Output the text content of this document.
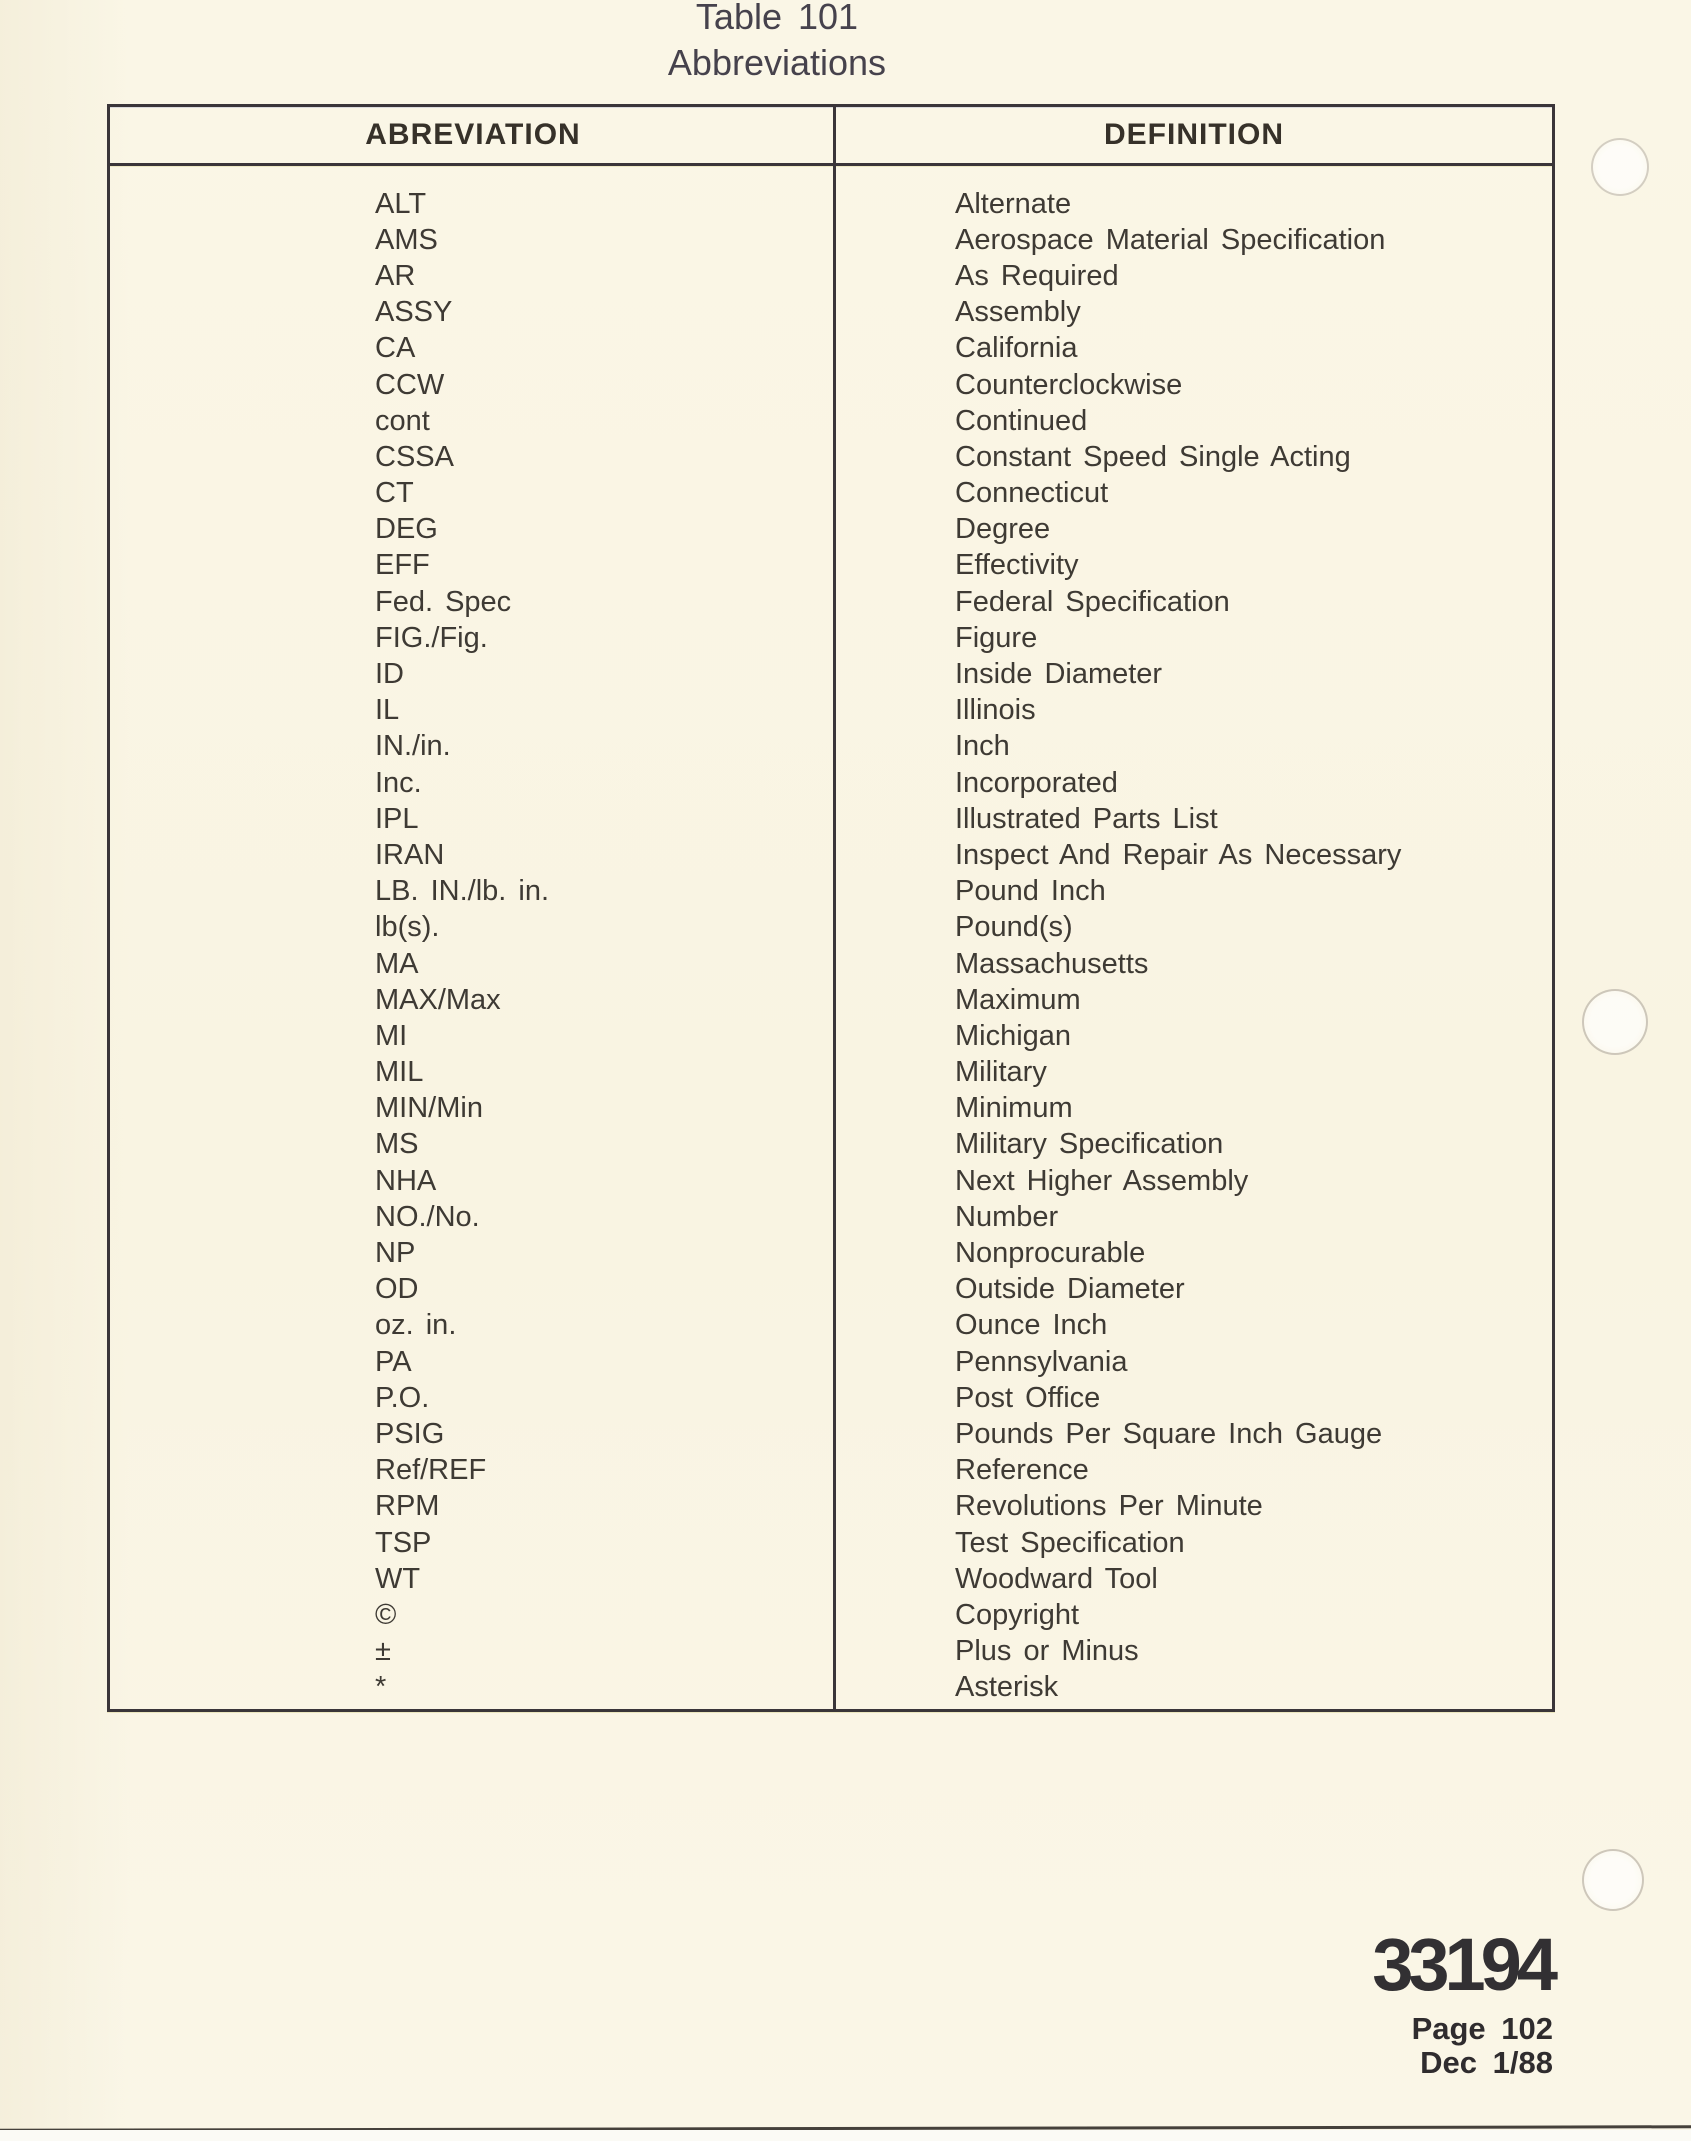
Table 101
Abbreviations
ABREVIATION	DEFINITION
ALT	Alternate
AMS	Aerospace Material Specification
AR	As Required
ASSY	Assembly
CA	California
CCW	Counterclockwise
cont	Continued
CSSA	Constant Speed Single Acting
CT	Connecticut
DEG	Degree
EFF	Effectivity
Fed. Spec	Federal Specification
FIG./Fig.	Figure
ID	Inside Diameter
IL	Illinois
IN./in.	Inch
Inc.	Incorporated
IPL	Illustrated Parts List
IRAN	Inspect And Repair As Necessary
LB. IN./lb. in.	Pound Inch
lb(s).	Pound(s)
MA	Massachusetts
MAX/Max	Maximum
MI	Michigan
MIL	Military
MIN/Min	Minimum
MS	Military Specification
NHA	Next Higher Assembly
NO./No.	Number
NP	Nonprocurable
OD	Outside Diameter
oz. in.	Ounce Inch
PA	Pennsylvania
P.O.	Post Office
PSIG	Pounds Per Square Inch Gauge
Ref/REF	Reference
RPM	Revolutions Per Minute
TSP	Test Specification
WT	Woodward Tool
©	Copyright
±	Plus or Minus
*	Asterisk
33194
Page 102
Dec 1/88
